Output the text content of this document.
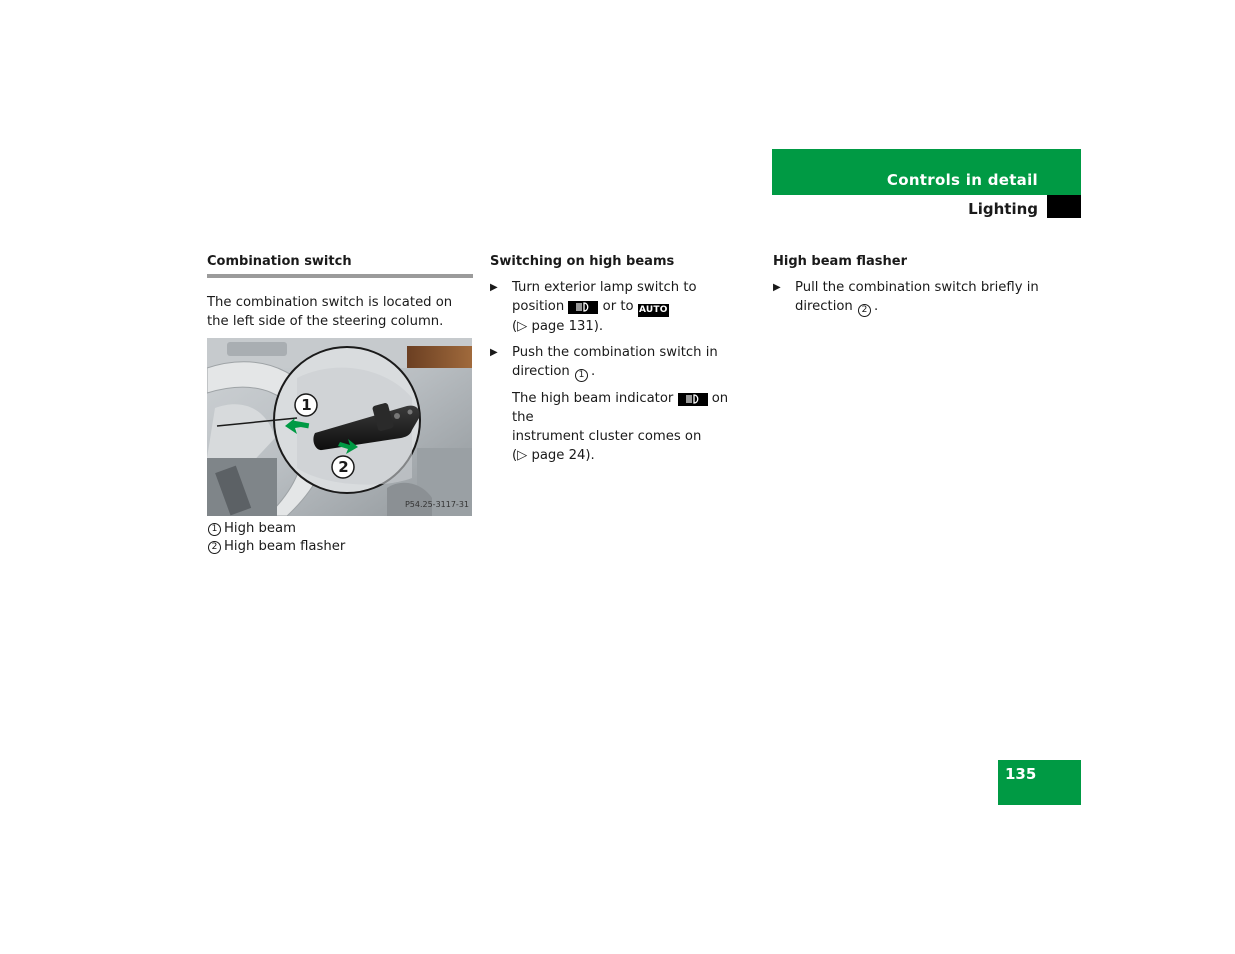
Controls in detail
Lighting
Combination switch
The combination switch is located on the left side of the steering column.
1
2
P54.25-3117-31
1 High beam
2 High beam flasher
Switching on high beams
▶ Turn exterior lamp switch to
position	or to AUTO
(▷ page 131).
▶ Push the combination switch in
direction 1 .
The high beam indicator	on the
instrument cluster comes on
(▷ page 24).
High beam flasher
▶ Pull the combination switch briefly in
direction 2 .
135
